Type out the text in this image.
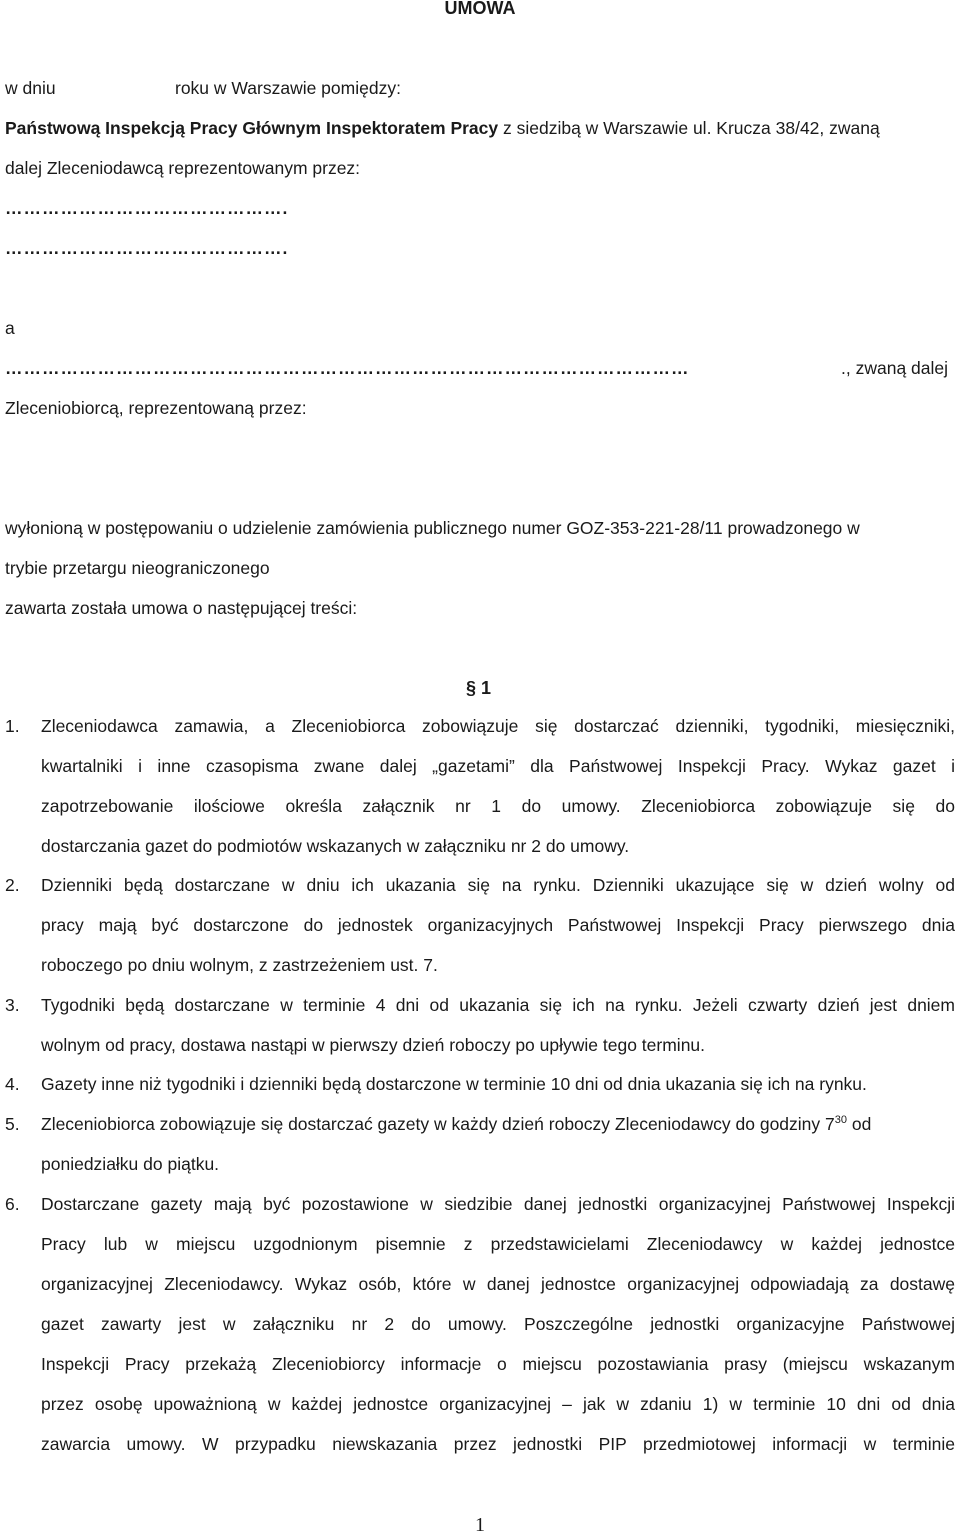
UMOWA
w dniu	roku w Warszawie pomiędzy:
Państwową Inspekcją Pracy Głównym Inspektoratem Pracy z siedzibą w Warszawie ul. Krucza 38/42, zwaną
dalej Zleceniodawcą reprezentowanym przez:
……………………………………….
……………………………………….
a
…………………………………………………………………………………………………	., zwaną dalej
Zleceniobiorcą, reprezentowaną przez:
wyłonioną w postępowaniu o udzielenie zamówienia publicznego numer GOZ-353-221-28/11 prowadzonego w
trybie przetargu nieograniczonego
zawarta została umowa o następującej treści:
§ 1
1. Zleceniodawca zamawia, a Zleceniobiorca zobowiązuje się dostarczać dzienniki, tygodniki, miesięczniki,
kwartalniki i inne czasopisma zwane dalej „gazetami” dla Państwowej Inspekcji Pracy. Wykaz gazet i
zapotrzebowanie ilościowe określa załącznik nr 1 do umowy. Zleceniobiorca zobowiązuje się do
dostarczania gazet do podmiotów wskazanych w załączniku nr 2 do umowy.
2. Dzienniki będą dostarczane w dniu ich ukazania się na rynku. Dzienniki ukazujące się w dzień wolny od
pracy mają być dostarczone do jednostek organizacyjnych Państwowej Inspekcji Pracy pierwszego dnia
roboczego po dniu wolnym, z zastrzeżeniem ust. 7.
3. Tygodniki będą dostarczane w terminie 4 dni od ukazania się ich na rynku. Jeżeli czwarty dzień jest dniem
wolnym od pracy, dostawa nastąpi w pierwszy dzień roboczy po upływie tego terminu.
4. Gazety inne niż tygodniki i dzienniki będą dostarczone w terminie 10 dni od dnia ukazania się ich na rynku.
5. Zleceniobiorca zobowiązuje się dostarczać gazety w każdy dzień roboczy Zleceniodawcy do godziny $7^{30}$ od
poniedziałku do piątku.
6. Dostarczane gazety mają być pozostawione w siedzibie danej jednostki organizacyjnej Państwowej Inspekcji
Pracy lub w miejscu uzgodnionym pisemnie z przedstawicielami Zleceniodawcy w każdej jednostce
organizacyjnej Zleceniodawcy. Wykaz osób, które w danej jednostce organizacyjnej odpowiadają za dostawę
gazet zawarty jest w załączniku nr 2 do umowy. Poszczególne jednostki organizacyjne Państwowej
Inspekcji Pracy przekażą Zleceniobiorcy informacje o miejscu pozostawiania prasy (miejscu wskazanym
przez osobę upoważnioną w każdej jednostce organizacyjnej – jak w zdaniu 1) w terminie 10 dni od dnia
zawarcia umowy. W przypadku niewskazania przez jednostki PIP przedmiotowej informacji w terminie
1
